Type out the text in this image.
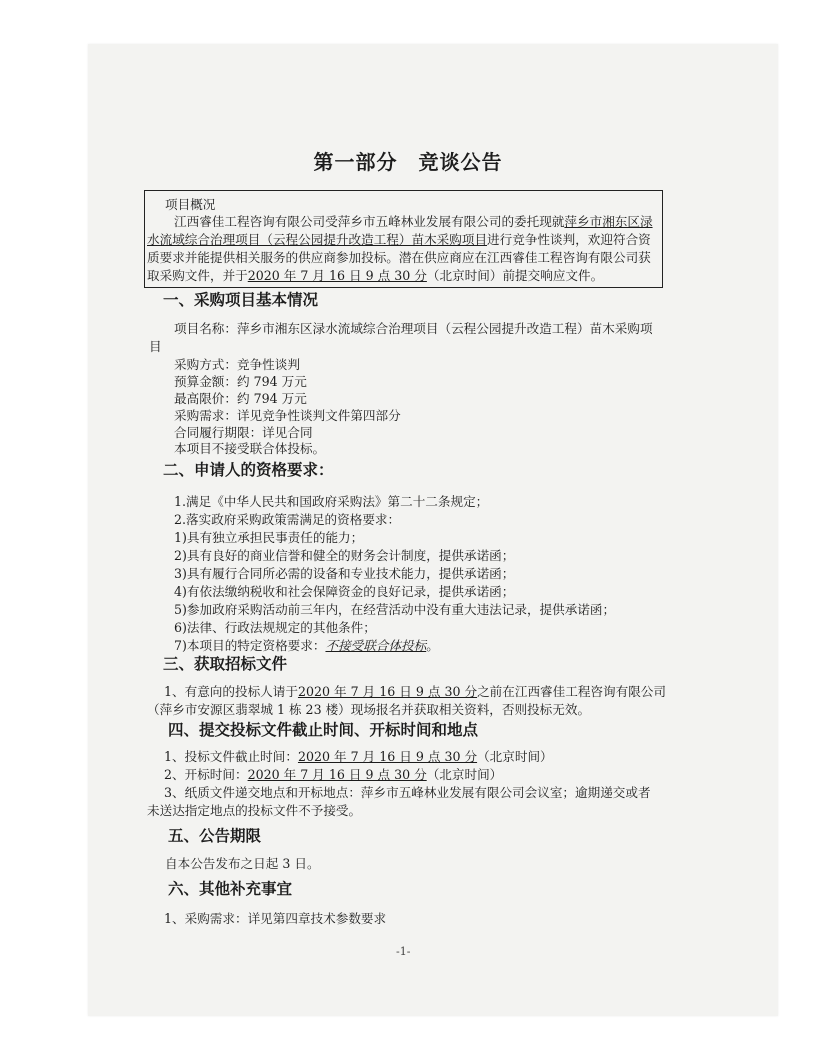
第一部分　竞谈公告
项目概况
江西睿佳工程咨询有限公司受萍乡市五峰林业发展有限公司的委托现就萍乡市湘东区渌
水流域综合治理项目（云程公园提升改造工程）苗木采购项目进行竞争性谈判，欢迎符合资
质要求并能提供相关服务的供应商参加投标。潜在供应商应在江西睿佳工程咨询有限公司获
取采购文件，并于2020 年 7 月 16 日 9 点 30 分（北京时间）前提交响应文件。
一、采购项目基本情况
项目名称：萍乡市湘东区渌水流域综合治理项目（云程公园提升改造工程）苗木采购项
目
采购方式：竞争性谈判
预算金额：约 794 万元
最高限价：约 794 万元
采购需求：详见竞争性谈判文件第四部分
合同履行期限：详见合同
本项目不接受联合体投标。
二、申请人的资格要求：
1.满足《中华人民共和国政府采购法》第二十二条规定；
2.落实政府采购政策需满足的资格要求：
1)具有独立承担民事责任的能力；
2)具有良好的商业信誉和健全的财务会计制度，提供承诺函；
3)具有履行合同所必需的设备和专业技术能力，提供承诺函；
4)有依法缴纳税收和社会保障资金的良好记录，提供承诺函；
5)参加政府采购活动前三年内，在经营活动中没有重大违法记录，提供承诺函；
6)法律、行政法规规定的其他条件；
7)本项目的特定资格要求：不接受联合体投标。
三、获取招标文件
1、有意向的投标人请于2020 年 7 月 16 日 9 点 30 分之前在江西睿佳工程咨询有限公司
（萍乡市安源区翡翠城 1 栋 23 楼）现场报名并获取相关资料，否则投标无效。
四、提交投标文件截止时间、开标时间和地点
1、投标文件截止时间：2020 年 7 月 16 日 9 点 30 分（北京时间）
2、开标时间：2020 年 7 月 16 日 9 点 30 分（北京时间）
3、纸质文件递交地点和开标地点：萍乡市五峰林业发展有限公司会议室；逾期递交或者
未送达指定地点的投标文件不予接受。
五、公告期限
自本公告发布之日起 3 日。
六、其他补充事宜
1、采购需求：详见第四章技术参数要求
-1-
